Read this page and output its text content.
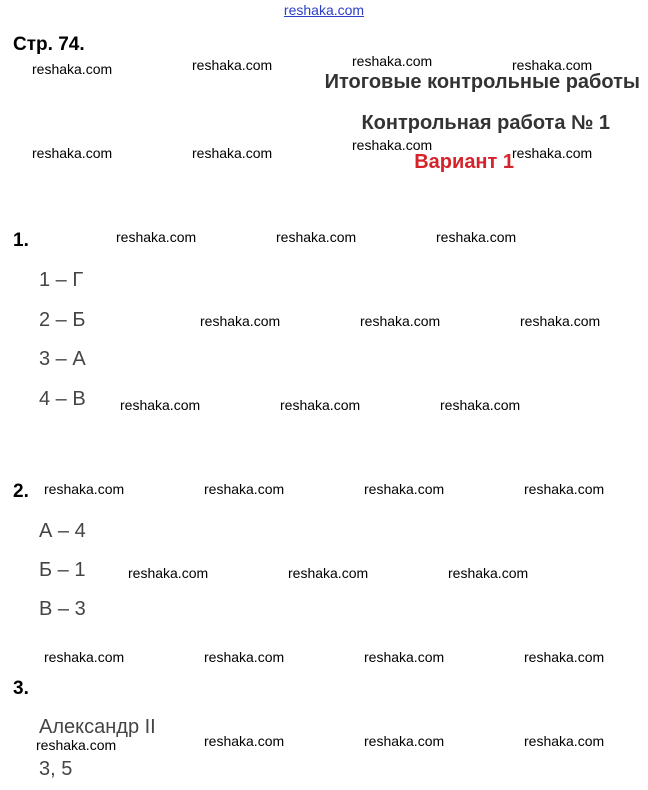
reshaka.com
Стр. 74.
Итоговые контрольные работы
Контрольная работа № 1
Вариант 1
1.
1 – Г
2 – Б
3 – А
4 – В
2.
А – 4
Б – 1
В – 3
3.
Александр II
3, 5
reshaka.com	reshaka.com	reshaka.com	reshaka.com
reshaka.com	reshaka.com	reshaka.com	reshaka.com
reshaka.com	reshaka.com	reshaka.com
reshaka.com	reshaka.com	reshaka.com
reshaka.com	reshaka.com	reshaka.com
reshaka.com	reshaka.com	reshaka.com	reshaka.com
reshaka.com	reshaka.com	reshaka.com
reshaka.com	reshaka.com	reshaka.com	reshaka.com
reshaka.com	reshaka.com	reshaka.com	reshaka.com
